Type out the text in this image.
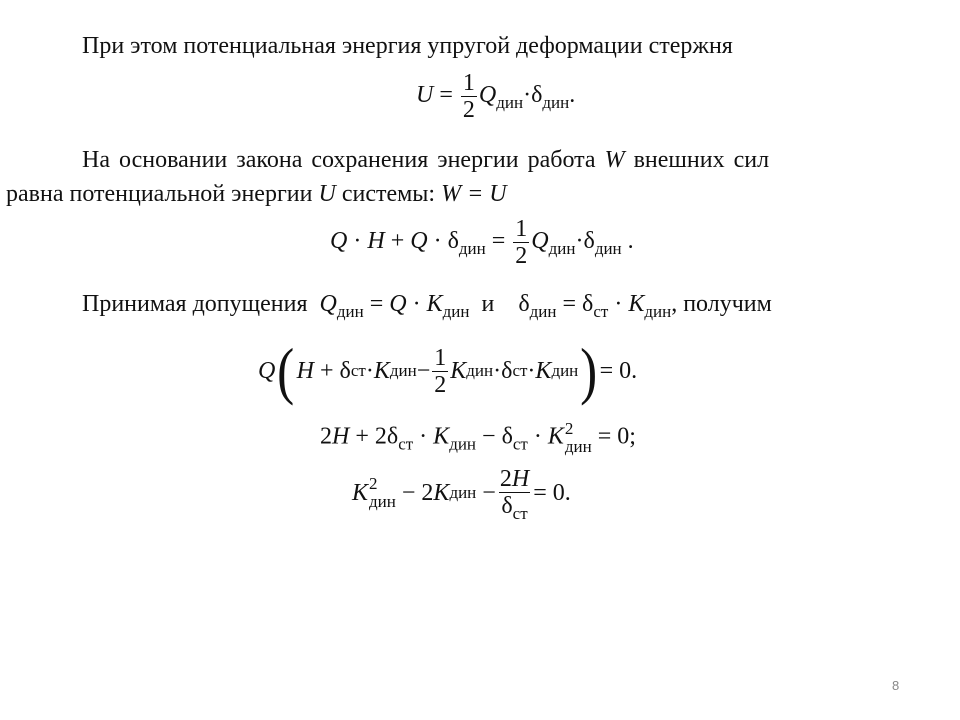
При этом потенциальная энергия упругой деформации стержня
$U = \frac{1}{2} Q_{дин}\cdot\delta_{дин}$.
На основании закона сохранения энергии работа W внешних сил
равна потенциальной энергии U системы: W = U
$Q \cdot H + Q \cdot \delta_{дин} = \frac{1}{2} Q_{дин}\cdot\delta_{дин}$ .
Принимая допущения $Q_{дин} = Q \cdot K_{дин}$ и    $\delta_{дин} = \delta_{ст} \cdot K_{дин}$, получим
Q ( H + δ ст · K дин − $\frac{1}{2}$ K дин ·δ ст · K дин ) = 0.
$2H + 2\delta_{ст} \cdot K_{дин} - \delta_{ст} \cdot K$ 2
дин = 0;
K 2
дин − 2 K дин − $\frac{2H}{\delta_{ст}} = 0$.
8
